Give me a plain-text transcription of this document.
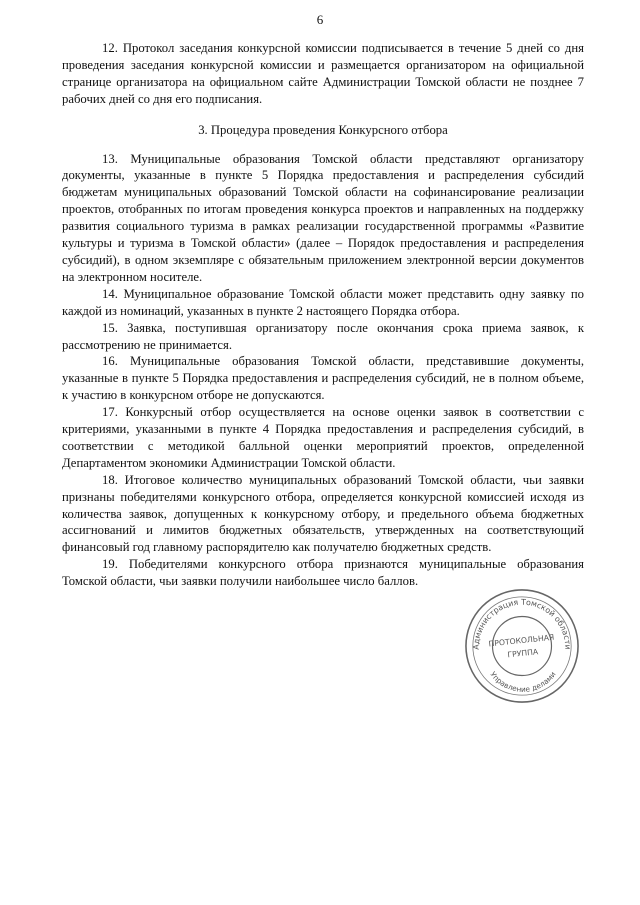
6

12. Протокол заседания конкурсной комиссии подписывается в течение 5 дней со дня проведения заседания конкурсной комиссии и размещается организатором на официальной странице организатора на официальном сайте Администрации Томской области не позднее 7 рабочих дней со дня его подписания.

3. Процедура проведения Конкурсного отбора

13. Муниципальные образования Томской области представляют организатору документы, указанные в пункте 5 Порядка предоставления и распределения субсидий бюджетам муниципальных образований Томской области на софинансирование реализации проектов, отобранных по итогам проведения конкурса проектов и направленных на поддержку развития социального туризма в рамках реализации государственной программы «Развитие культуры и туризма в Томской области» (далее – Порядок предоставления и распределения субсидий), в одном экземпляре с обязательным приложением электронной версии документов на электронном носителе.

14. Муниципальное образование Томской области может представить одну заявку по каждой из номинаций, указанных в пункте 2 настоящего Порядка отбора.

15. Заявка, поступившая организатору после окончания срока приема заявок, к рассмотрению не принимается.

16. Муниципальные образования Томской области, представившие документы, указанные в пункте 5 Порядка предоставления и распределения субсидий, не в полном объеме, к участию в конкурсном отборе не допускаются.

17. Конкурсный отбор осуществляется на основе оценки заявок в соответствии с критериями, указанными в пункте 4 Порядка предоставления и распределения субсидий, в соответствии с методикой балльной оценки мероприятий проектов, определенной Департаментом экономики Администрации Томской области.

18. Итоговое количество муниципальных образований Томской области, чьи заявки признаны победителями конкурсного отбора, определяется конкурсной комиссией исходя из количества заявок, допущенных к конкурсному отбору, и предельного объема бюджетных ассигнований и лимитов бюджетных обязательств, утвержденных на соответствующий финансовый год главному распорядителю как получателю бюджетных средств.

19. Победителями конкурсного отбора признаются муниципальные образования Томской области, чьи заявки получили наибольшее число баллов.

Администрация Томской области
Управление делами
ПРОТОКОЛЬНАЯ
ГРУППА
